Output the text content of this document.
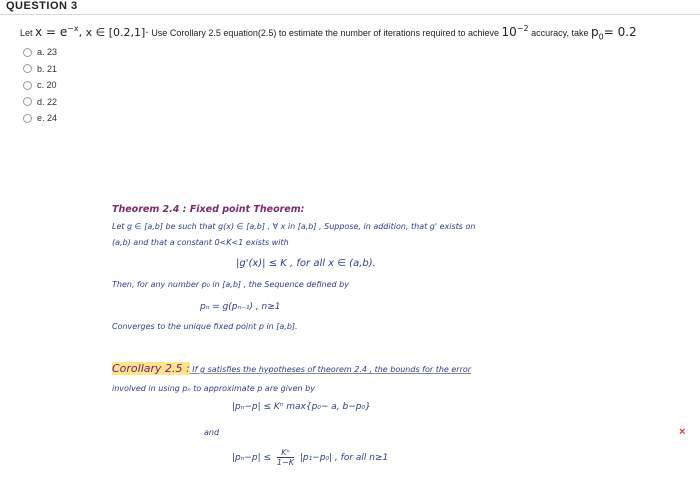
QUESTION 3
Let $x = e^{-x}$, x ∈ [0.2,1]· Use Corollary 2.5 equation(2.5) to estimate the number of iterations required to achieve $10^{-2}$ accuracy, take $p_0= 0.2$
a. 23
b. 21
c. 20
d. 22
e. 24
Theorem 2.4 : Fixed point Theorem:
Let g ∈ [a,b] be such that g(x) ∈ [a,b] , ∀ x in [a,b] , Suppose, in addition, that g' exists on
(a,b) and that a constant 0<K<1 exists with
|g'(x)| ≤ K , for all x ∈ (a,b).
Then, for any number p₀ in [a,b] , the Sequence defined by
pₙ = g(pₙ₋₁) , n≥1
Converges to the unique fixed point p in [a,b].
Corollary 2.5 : If g satisfies the hypotheses of theorem 2.4 , the bounds for the error
involved in using pₙ to approximate p are given by
|pₙ−p| ≤ Kⁿ max{p₀− a, b−p₀}
and
$|p_n-p| \le \frac{\text{Kⁿ}}{1-K} |p_1-p_0|$ , for all n≥1
×
